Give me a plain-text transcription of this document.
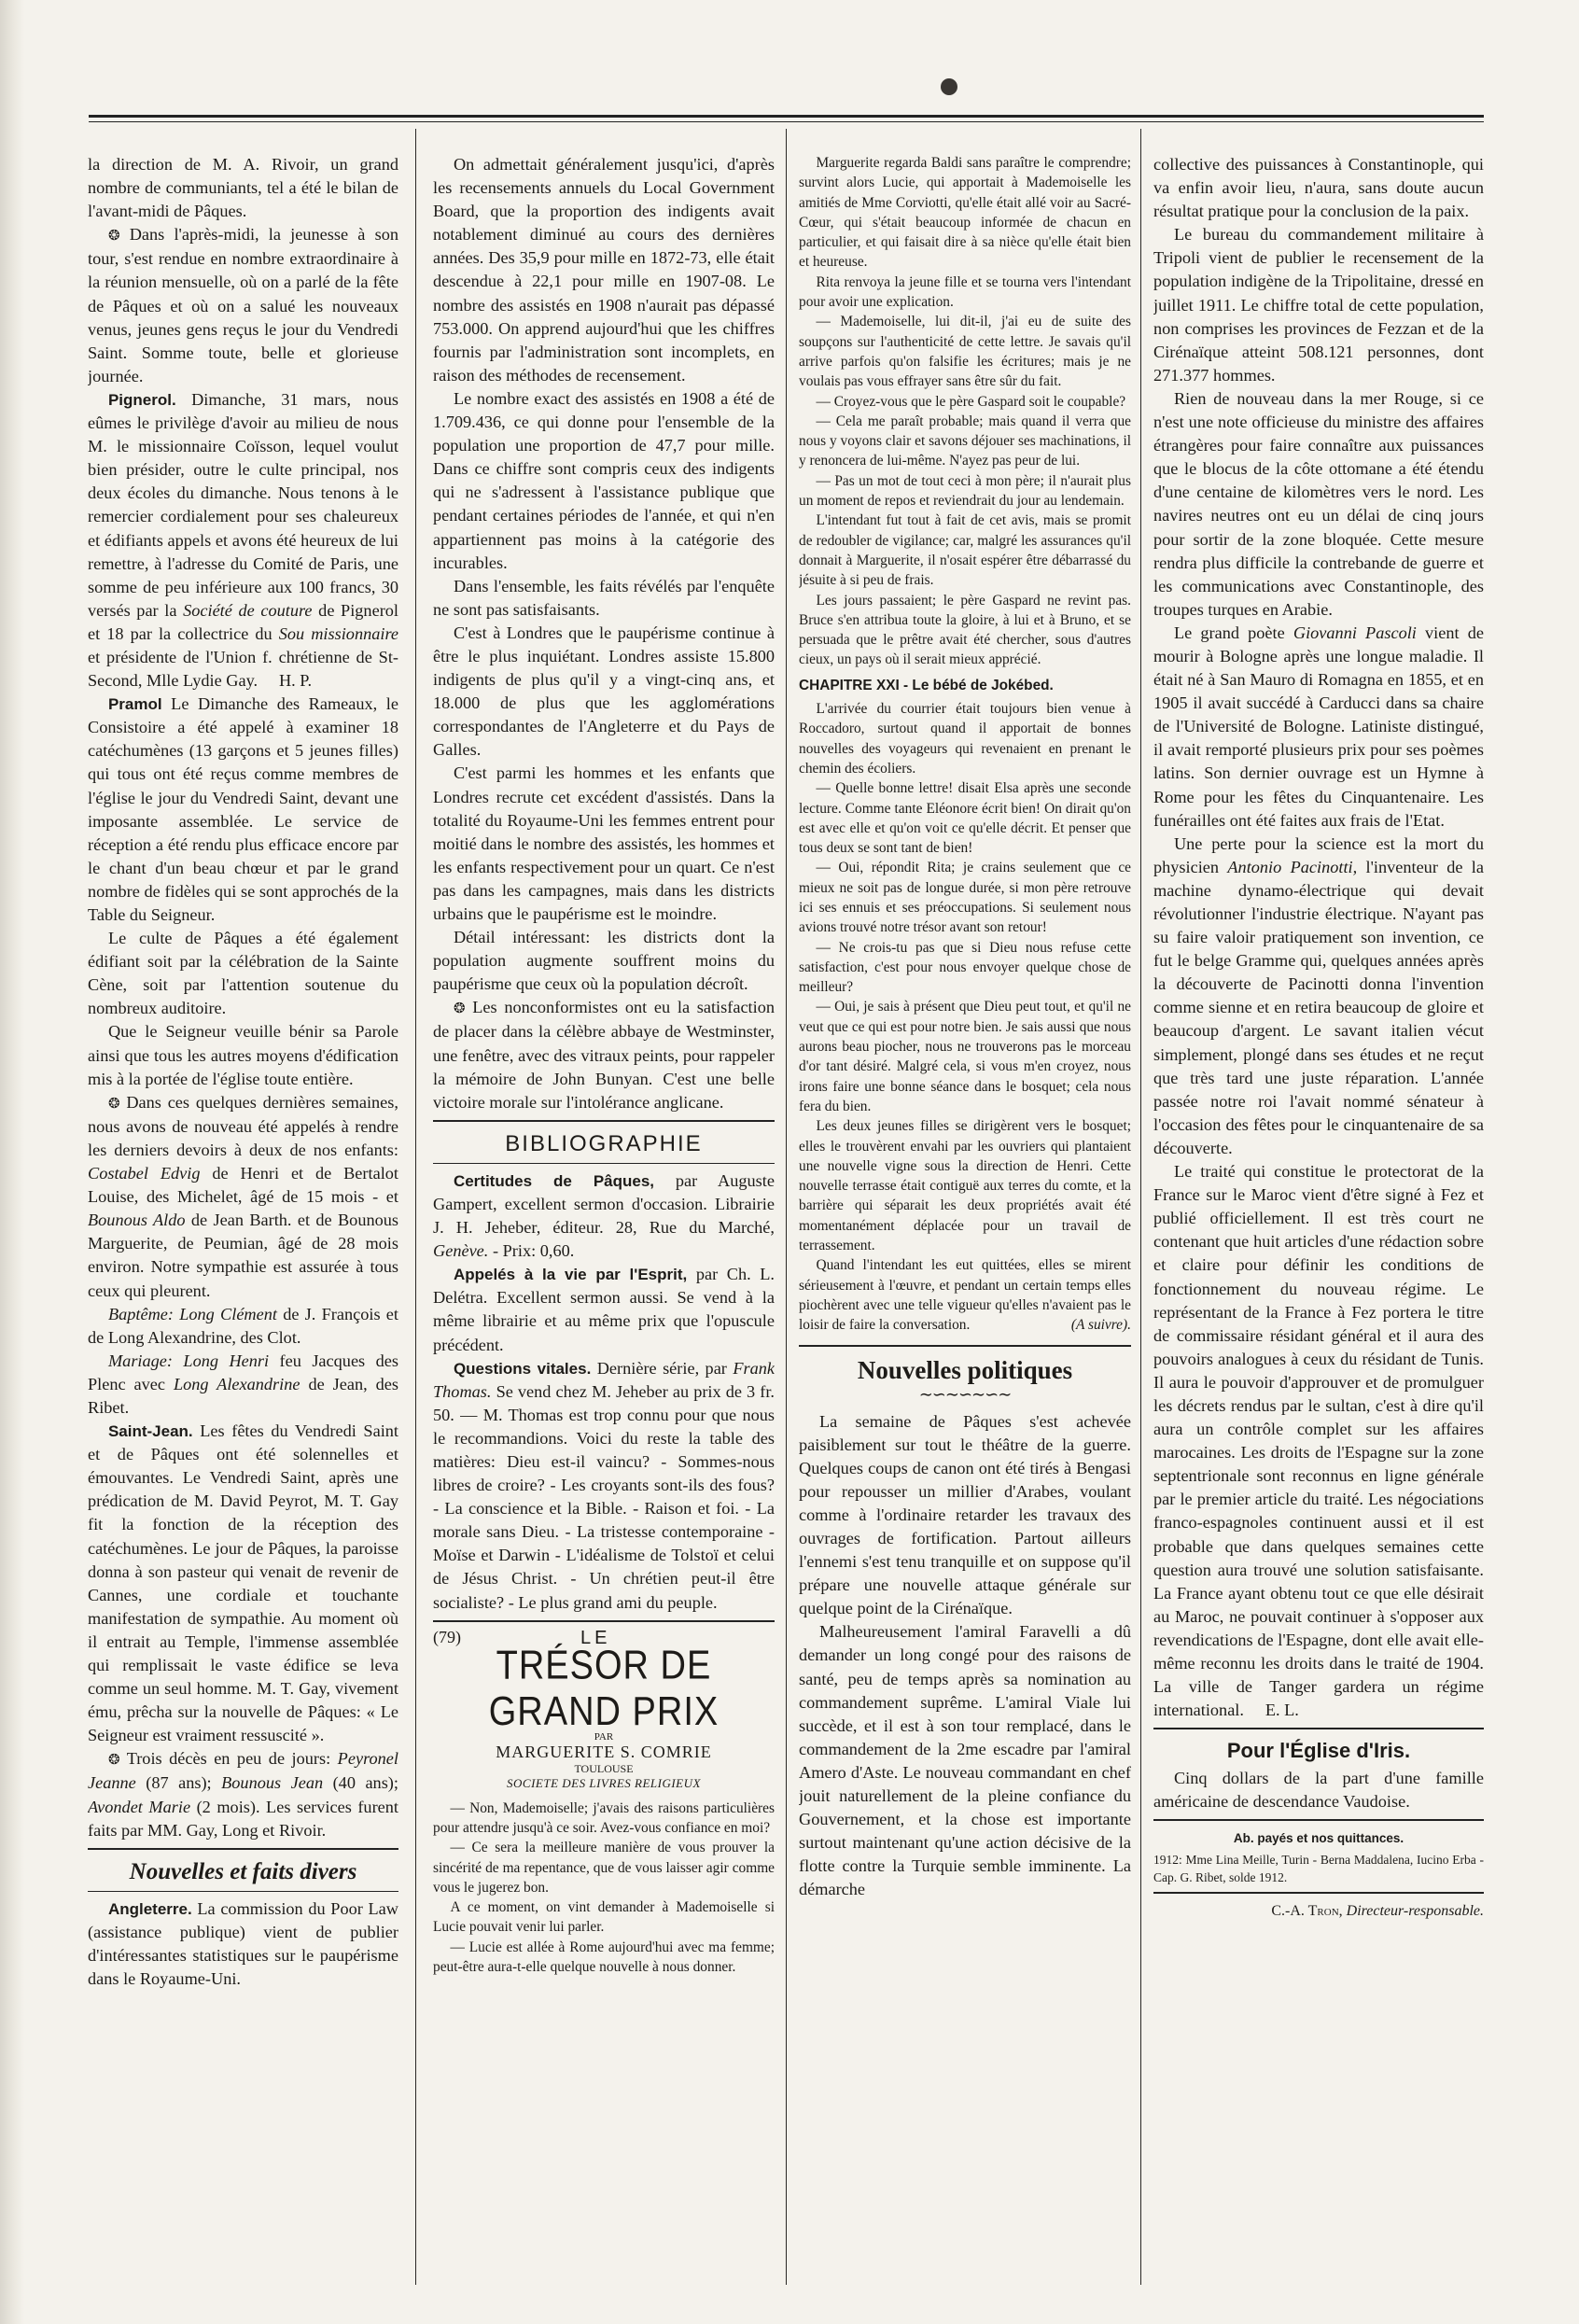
la direction de M. A. Rivoir, un grand nombre de communiants, tel a été le bilan de l'avant-midi de Pâques.

❂ Dans l'après-midi, la jeunesse à son tour, s'est rendue en nombre extraordinaire à la réunion mensuelle, où on a parlé de la fête de Pâques et où on a salué les nouveaux venus, jeunes gens reçus le jour du Vendredi Saint. Somme toute, belle et glorieuse journée.

Pignerol. Dimanche, 31 mars, nous eûmes le privilège d'avoir au milieu de nous M. le missionnaire Coïsson, lequel voulut bien présider, outre le culte principal, nos deux écoles du dimanche. Nous tenons à le remercier cordialement pour ses chaleureux et édifiants appels et avons été heureux de lui remettre, à l'adresse du Comité de Paris, une somme de peu inférieure aux 100 francs, 30 versés par la Société de couture de Pignerol et 18 par la collectrice du Sou missionnaire et présidente de l'Union f. chrétienne de St-Second, Mlle Lydie Gay. H. P.

Pramol Le Dimanche des Rameaux, le Consistoire a été appelé à examiner 18 catéchumènes (13 garçons et 5 jeunes filles) qui tous ont été reçus comme membres de l'église le jour du Vendredi Saint, devant une imposante assemblée. Le service de réception a été rendu plus efficace encore par le chant d'un beau chœur et par le grand nombre de fidèles qui se sont approchés de la Table du Seigneur.

Le culte de Pâques a été également édifiant soit par la célébration de la Sainte Cène, soit par l'attention soutenue du nombreux auditoire.

Que le Seigneur veuille bénir sa Parole ainsi que tous les autres moyens d'édification mis à la portée de l'église toute entière.

❂ Dans ces quelques dernières semaines, nous avons de nouveau été appelés à rendre les derniers devoirs à deux de nos enfants: Costabel Edvig de Henri et de Bertalot Louise, des Michelet, âgé de 15 mois - et Bounous Aldo de Jean Barth. et de Bounous Marguerite, de Peumian, âgé de 28 mois environ. Notre sympathie est assurée à tous ceux qui pleurent.

Baptême: Long Clément de J. François et de Long Alexandrine, des Clot.

Mariage: Long Henri feu Jacques des Plenc avec Long Alexandrine de Jean, des Ribet.

Saint-Jean. Les fêtes du Vendredi Saint et de Pâques ont été solennelles et émouvantes. Le Vendredi Saint, après une prédication de M. David Peyrot, M. T. Gay fit la fonction de la réception des catéchumènes. Le jour de Pâques, la paroisse donna à son pasteur qui venait de revenir de Cannes, une cordiale et touchante manifestation de sympathie. Au moment où il entrait au Temple, l'immense assemblée qui remplissait le vaste édifice se leva comme un seul homme. M. T. Gay, vivement ému, prêcha sur la nouvelle de Pâques: « Le Seigneur est vraiment ressuscité ».

❂ Trois décès en peu de jours: Peyronel Jeanne (87 ans); Bounous Jean (40 ans); Avondet Marie (2 mois). Les services furent faits par MM. Gay, Long et Rivoir.

Nouvelles et faits divers

Angleterre. La commission du Poor Law (assistance publique) vient de publier d'intéressantes statistiques sur le paupérisme dans le Royaume-Uni.

On admettait généralement jusqu'ici, d'après les recensements annuels du Local Government Board, que la proportion des indigents avait notablement diminué au cours des dernières années. Des 35,9 pour mille en 1872-73, elle était descendue à 22,1 pour mille en 1907-08. Le nombre des assistés en 1908 n'aurait pas dépassé 753.000. On apprend aujourd'hui que les chiffres fournis par l'administration sont incomplets, en raison des méthodes de recensement.

Le nombre exact des assistés en 1908 a été de 1.709.436, ce qui donne pour l'ensemble de la population une proportion de 47,7 pour mille. Dans ce chiffre sont compris ceux des indigents qui ne s'adressent à l'assistance publique que pendant certaines périodes de l'année, et qui n'en appartiennent pas moins à la catégorie des incurables.

Dans l'ensemble, les faits révélés par l'enquête ne sont pas satisfaisants.

C'est à Londres que le paupérisme continue à être le plus inquiétant. Londres assiste 15.800 indigents de plus qu'il y a vingt-cinq ans, et 18.000 de plus que les agglomérations correspondantes de l'Angleterre et du Pays de Galles.

C'est parmi les hommes et les enfants que Londres recrute cet excédent d'assistés. Dans la totalité du Royaume-Uni les femmes entrent pour moitié dans le nombre des assistés, les hommes et les enfants respectivement pour un quart. Ce n'est pas dans les campagnes, mais dans les districts urbains que le paupérisme est le moindre.

Détail intéressant: les districts dont la population augmente souffrent moins du paupérisme que ceux où la population décroît.

❂ Les nonconformistes ont eu la satisfaction de placer dans la célèbre abbaye de Westminster, une fenêtre, avec des vitraux peints, pour rappeler la mémoire de John Bunyan. C'est une belle victoire morale sur l'intolérance anglicane.

BIBLIOGRAPHIE

Certitudes de Pâques, par Auguste Gampert, excellent sermon d'occasion. Librairie J. H. Jeheber, éditeur. 28, Rue du Marché, Genève. - Prix: 0,60.

Appelés à la vie par l'Esprit, par Ch. L. Delétra. Excellent sermon aussi. Se vend à la même librairie et au même prix que l'opuscule précédent.

Questions vitales. Dernière série, par Frank Thomas. Se vend chez M. Jeheber au prix de 3 fr. 50. — M. Thomas est trop connu pour que nous le recommandions. Voici du reste la table des matières: Dieu est-il vaincu? - Sommes-nous libres de croire? - Les croyants sont-ils des fous? - La conscience et la Bible. - Raison et foi. - La morale sans Dieu. - La tristesse contemporaine - Moïse et Darwin - L'idéalisme de Tolstoï et celui de Jésus Christ. - Un chrétien peut-il être socialiste? - Le plus grand ami du peuple.

(79)	LE
TRÉSOR DE GRAND PRIX
PAR
MARGUERITE S. COMRIE
TOULOUSE
SOCIETE DES LIVRES RELIGIEUX

— Non, Mademoiselle; j'avais des raisons particulières pour attendre jusqu'à ce soir. Avez-vous confiance en moi?

— Ce sera la meilleure manière de vous prouver la sincérité de ma repentance, que de vous laisser agir comme vous le jugerez bon.

A ce moment, on vint demander à Mademoiselle si Lucie pouvait venir lui parler.

— Lucie est allée à Rome aujourd'hui avec ma femme; peut-être aura-t-elle quelque nouvelle à nous donner.

Marguerite regarda Baldi sans paraître le comprendre; survint alors Lucie, qui apportait à Mademoiselle les amitiés de Mme Corviotti, qu'elle était allé voir au Sacré-Cœur, qui s'était beaucoup informée de chacun en particulier, et qui faisait dire à sa nièce qu'elle était bien et heureuse.

Rita renvoya la jeune fille et se tourna vers l'intendant pour avoir une explication.

— Mademoiselle, lui dit-il, j'ai eu de suite des soupçons sur l'authenticité de cette lettre. Je savais qu'il arrive parfois qu'on falsifie les écritures; mais je ne voulais pas vous effrayer sans être sûr du fait.

— Croyez-vous que le père Gaspard soit le coupable?

— Cela me paraît probable; mais quand il verra que nous y voyons clair et savons déjouer ses machinations, il y renoncera de lui-même. N'ayez pas peur de lui.

— Pas un mot de tout ceci à mon père; il n'aurait plus un moment de repos et reviendrait du jour au lendemain.

L'intendant fut tout à fait de cet avis, mais se promit de redoubler de vigilance; car, malgré les assurances qu'il donnait à Marguerite, il n'osait espérer être débarrassé du jésuite à si peu de frais.

Les jours passaient; le père Gaspard ne revint pas. Bruce s'en attribua toute la gloire, à lui et à Bruno, et se persuada que le prêtre avait été chercher, sous d'autres cieux, un pays où il serait mieux apprécié.

CHAPITRE XXI - Le bébé de Jokébed.

L'arrivée du courrier était toujours bien venue à Roccadoro, surtout quand il apportait de bonnes nouvelles des voyageurs qui revenaient en prenant le chemin des écoliers.

— Quelle bonne lettre! disait Elsa après une seconde lecture. Comme tante Eléonore écrit bien! On dirait qu'on est avec elle et qu'on voit ce qu'elle décrit. Et penser que tous deux se sont tant de bien!

— Oui, répondit Rita; je crains seulement que ce mieux ne soit pas de longue durée, si mon père retrouve ici ses ennuis et ses préoccupations. Si seulement nous avions trouvé notre trésor avant son retour!

— Ne crois-tu pas que si Dieu nous refuse cette satisfaction, c'est pour nous envoyer quelque chose de meilleur?

— Oui, je sais à présent que Dieu peut tout, et qu'il ne veut que ce qui est pour notre bien. Je sais aussi que nous aurons beau piocher, nous ne trouverons pas le morceau d'or tant désiré. Malgré cela, si vous m'en croyez, nous irons faire une bonne séance dans le bosquet; cela nous fera du bien.

Les deux jeunes filles se dirigèrent vers le bosquet; elles le trouvèrent envahi par les ouvriers qui plantaient une nouvelle vigne sous la direction de Henri. Cette nouvelle terrasse était contiguë aux terres du comte, et la barrière qui séparait les deux propriétés avait été momentanément déplacée pour un travail de terrassement.

Quand l'intendant les eut quittées, elles se mirent sérieusement à l'œuvre, et pendant un certain temps elles piochèrent avec une telle vigueur qu'elles n'avaient pas le loisir de faire la conversation.	(A suivre).

Nouvelles politiques
∼∽∼∽∼∽∼

La semaine de Pâques s'est achevée paisiblement sur tout le théâtre de la guerre. Quelques coups de canon ont été tirés à Bengasi pour repousser un millier d'Arabes, voulant comme à l'ordinaire retarder les travaux des ouvrages de fortification. Partout ailleurs l'ennemi s'est tenu tranquille et on suppose qu'il prépare une nouvelle attaque générale sur quelque point de la Cirénaïque.

Malheureusement l'amiral Faravelli a dû demander un long congé pour des raisons de santé, peu de temps après sa nomination au commandement suprême. L'amiral Viale lui succède, et il est à son tour remplacé, dans le commandement de la 2me escadre par l'amiral Amero d'Aste. Le nouveau commandant en chef jouit naturellement de la pleine confiance du Gouvernement, et la chose est importante surtout maintenant qu'une action décisive de la flotte contre la Turquie semble imminente. La démarche

collective des puissances à Constantinople, qui va enfin avoir lieu, n'aura, sans doute aucun résultat pratique pour la conclusion de la paix.

Le bureau du commandement militaire à Tripoli vient de publier le recensement de la population indigène de la Tripolitaine, dressé en juillet 1911. Le chiffre total de cette population, non comprises les provinces de Fezzan et de la Cirénaïque atteint 508.121 personnes, dont 271.377 hommes.

Rien de nouveau dans la mer Rouge, si ce n'est une note officieuse du ministre des affaires étrangères pour faire connaître aux puissances que le blocus de la côte ottomane a été étendu d'une centaine de kilomètres vers le nord. Les navires neutres ont eu un délai de cinq jours pour sortir de la zone bloquée. Cette mesure rendra plus difficile la contrebande de guerre et les communications avec Constantinople, des troupes turques en Arabie.

Le grand poète Giovanni Pascoli vient de mourir à Bologne après une longue maladie. Il était né à San Mauro di Romagna en 1855, et en 1905 il avait succédé à Carducci dans sa chaire de l'Université de Bologne. Latiniste distingué, il avait remporté plusieurs prix pour ses poèmes latins. Son dernier ouvrage est un Hymne à Rome pour les fêtes du Cinquantenaire. Les funérailles ont été faites aux frais de l'Etat.

Une perte pour la science est la mort du physicien Antonio Pacinotti, l'inventeur de la machine dynamo-électrique qui devait révolutionner l'industrie électrique. N'ayant pas su faire valoir pratiquement son invention, ce fut le belge Gramme qui, quelques années après la découverte de Pacinotti donna l'invention comme sienne et en retira beaucoup de gloire et beaucoup d'argent. Le savant italien vécut simplement, plongé dans ses études et ne reçut que très tard une juste réparation. L'année passée notre roi l'avait nommé sénateur à l'occasion des fêtes pour le cinquantenaire de sa découverte.

Le traité qui constitue le protectorat de la France sur le Maroc vient d'être signé à Fez et publié officiellement. Il est très court ne contenant que huit articles d'une rédaction sobre et claire pour définir les conditions de fonctionnement du nouveau régime. Le représentant de la France à Fez portera le titre de commissaire résidant général et il aura des pouvoirs analogues à ceux du résidant de Tunis. Il aura le pouvoir d'approuver et de promulguer les décrets rendus par le sultan, c'est à dire qu'il aura un contrôle complet sur les affaires marocaines. Les droits de l'Espagne sur la zone septentrionale sont reconnus en ligne générale par le premier article du traité. Les négociations franco-espagnoles continuent aussi et il est probable que dans quelques semaines cette question aura trouvé une solution satisfaisante. La France ayant obtenu tout ce que elle désirait au Maroc, ne pouvait continuer à s'opposer aux revendications de l'Espagne, dont elle avait elle-même reconnu les droits dans le traité de 1904. La ville de Tanger gardera un régime international. E. L.

Pour l'Église d'Iris.

Cinq dollars de la part d'une famille américaine de descendance Vaudoise.

Ab. payés et nos quittances.

1912: Mme Lina Meille, Turin - Berna Maddalena, Iucino Erba - Cap. G. Ribet, solde 1912.

C.-A. Tron, Directeur-responsable.
